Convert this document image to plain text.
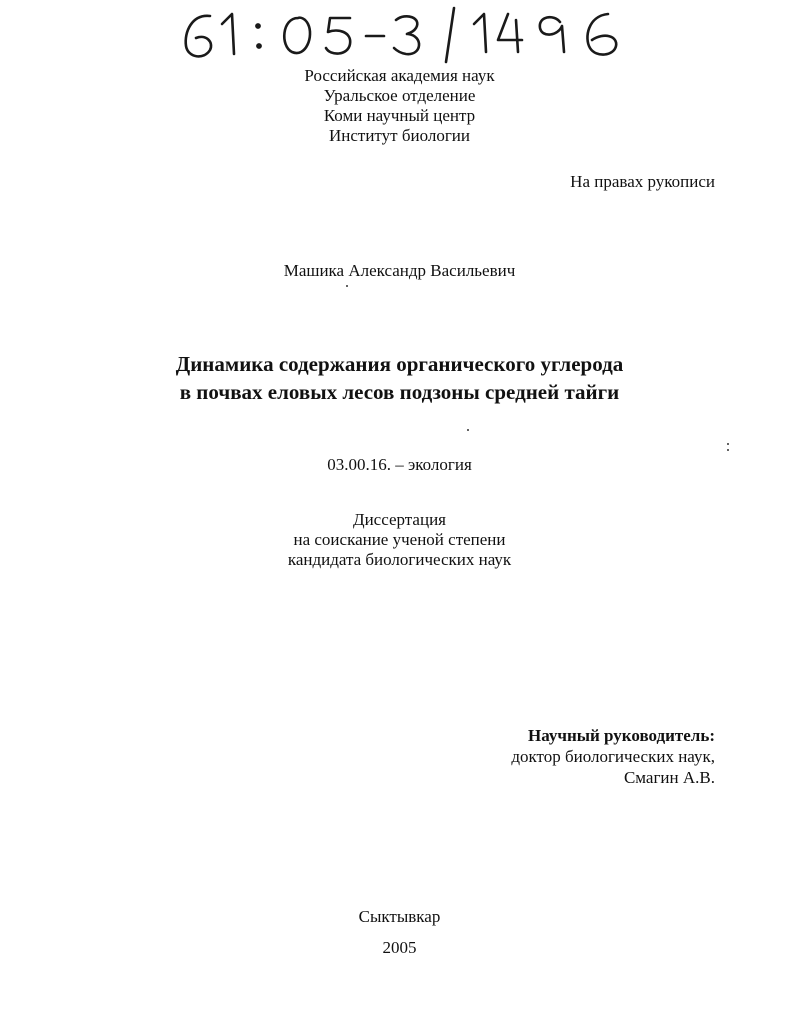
Российская академия наук
Уральское отделение
Коми научный центр
Институт биологии
На правах рукописи
Машика Александр Васильевич
Динамика содержания органического углерода
в почвах еловых лесов подзоны средней тайги
03.00.16. – экология
Диссертация
на соискание ученой степени
кандидата биологических наук
Научный руководитель:
доктор биологических наук,
Смагин А.В.
Сыктывкар
2005
